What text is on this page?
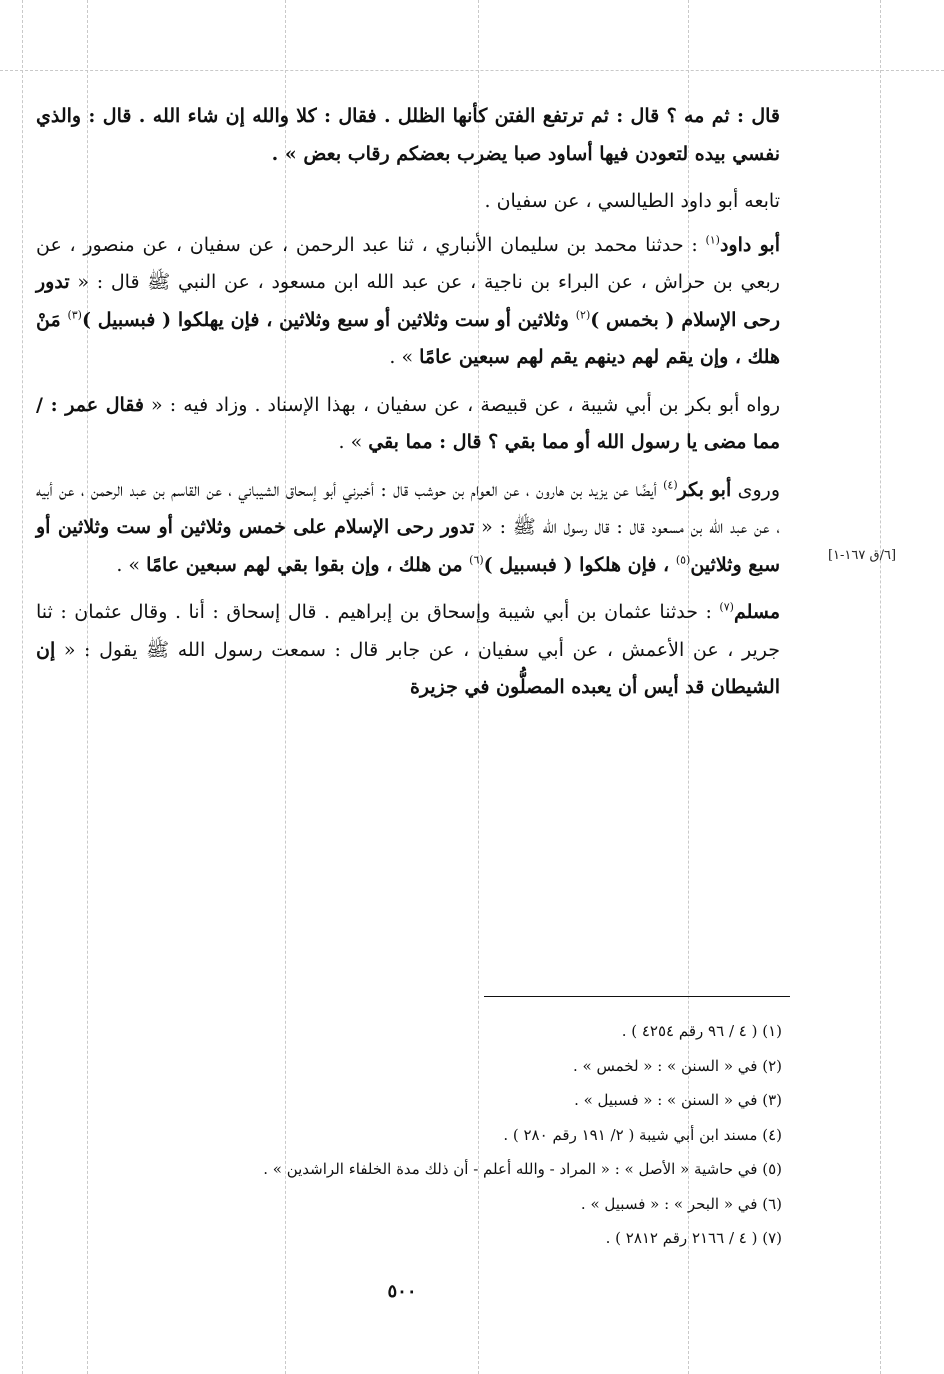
قال : ثم مه ؟ قال : ثم ترتفع الفتن كأنها الظلل . فقال : كلا والله إن شاء الله . قال : والذي نفسي بيده لتعودن فيها أساود صبا يضرب بعضكم رقاب بعض » .

تابعه أبو داود الطيالسي ، عن سفيان .

أبو داود$^{(١)}$ : حدثنا محمد بن سليمان الأنباري ، ثنا عبد الرحمن ، عن سفيان ، عن منصور ، عن ربعي بن حراش ، عن البراء بن ناجية ، عن عبد الله ابن مسعود ، عن النبي ﷺ قال : « تدور رحى الإسلام ( بخمس )$^{(٢)}$ وثلاثين أو ست وثلاثين أو سبع وثلاثين ، فإن يهلكوا ( فبسبيل )$^{(٣)}$ مَنْ هلك ، وإن يقم لهم دينهم يقم لهم سبعين عامًا » .

رواه أبو بكر بن أبي شيبة ، عن قبيصة ، عن سفيان ، بهذا الإسناد . وزاد فيه : « فقال عمر : / مما مضى يا رسول الله أو مما بقي ؟ قال : مما بقي » .

وروى أبو بكر$^{(٤)}$ أيضًا عن يزيد بن هارون ، عن العوام بن حوشب قال : أخبرني أبو إسحاق الشيباني ، عن القاسم بن عبد الرحمن ، عن أبيه ، عن عبد الله بن مسعود قال : قال رسول الله ﷺ : « تدور رحى الإسلام على خمس وثلاثين أو ست وثلاثين أو سبع وثلاثين$^{(٥)}$ ، فإن هلكوا ( فبسبيل )$^{(٦)}$ من هلك ، وإن بقوا بقي لهم سبعين عامًا » .

مسلم$^{(٧)}$ : حدثنا عثمان بن أبي شيبة وإسحاق بن إبراهيم . قال إسحاق : أنا . وقال عثمان : ثنا جرير ، عن الأعمش ، عن أبي سفيان ، عن جابر قال : سمعت رسول الله ﷺ يقول : « إن الشيطان قد أيس أن يعبده المصلُّون في جزيرة

[٦/ق ١٦٧-١]
(١) ( ٤ / ٩٦ رقم ٤٢٥٤ ) .
(٢) في « السنن » : « لخمس » .
(٣) في « السنن » : « فسبيل » .
(٤) مسند ابن أبي شيبة ( ٢/ ١٩١ رقم ٢٨٠ ) .
(٥) في حاشية « الأصل » : « المراد - والله أعلم - أن ذلك مدة الخلفاء الراشدين » .
(٦) في « البحر » : « فسبيل » .
(٧) ( ٤ / ٢١٦٦ رقم ٢٨١٢ ) .
٥٠٠
